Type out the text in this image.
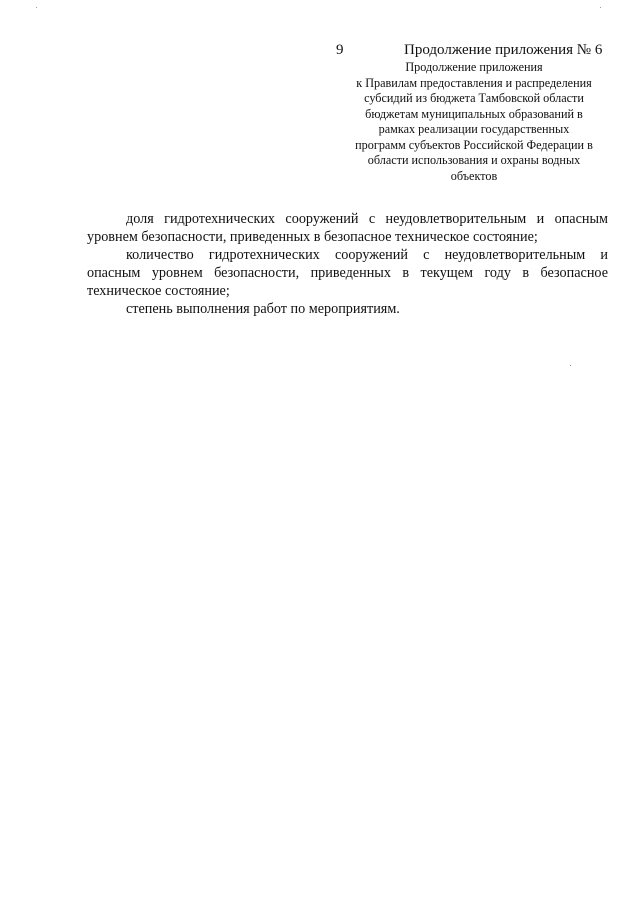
9	Продолжение приложения № 6
Продолжение приложения
к Правилам предоставления и распределения
субсидий из бюджета Тамбовской области
бюджетам муниципальных образований в
рамках реализации государственных
программ субъектов Российской Федерации в
области использования и охраны водных
объектов
доля гидротехнических сооружений с неудовлетворительным и опасным
уровнем безопасности, приведенных в безопасное техническое состояние;
количество гидротехнических сооружений с неудовлетворительным и
опасным уровнем безопасности, приведенных в текущем году в безопасное
техническое состояние;
степень выполнения работ по мероприятиям.
